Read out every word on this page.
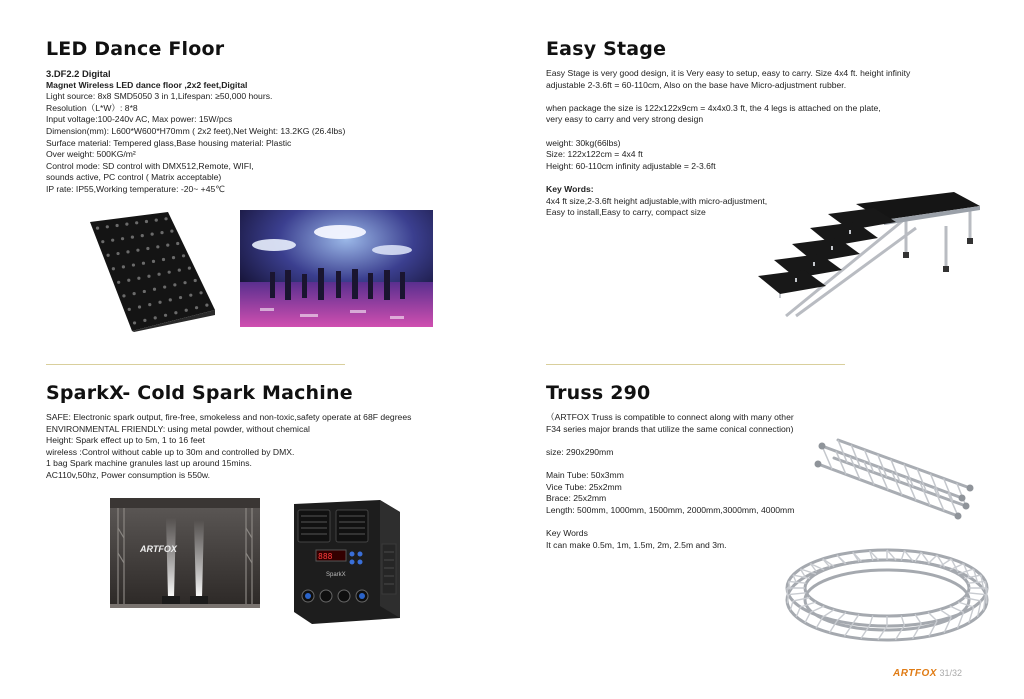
LED Dance Floor
3.DF2.2 Digital
Magnet Wireless LED dance floor ,2x2 feet,Digital
Light source: 8x8 SMD5050 3 in 1,Lifespan: ≥50,000 hours.
Resolution（L*W）: 8*8
Input voltage:100-240v AC, Max power: 15W/pcs
Dimension(mm): L600*W600*H70mm ( 2x2 feet),Net Weight: 13.2KG (26.4lbs)
Surface material: Tempered glass,Base housing material: Plastic
Over weight: 500KG/m²
Control mode: SD control with DMX512,Remote, WIFI,
sounds active, PC control ( Matrix acceptable)
IP rate: IP55,Working temperature: -20~ +45℃
Easy Stage
Easy Stage is very good design, it is Very easy to setup, easy to carry. Size 4x4 ft. height infinity
adjustable 2-3.6ft = 60-110cm, Also on the base have Micro-adjustment rubber.
when package the size is 122x122x9cm = 4x4x0.3 ft, the 4 legs is attached on the plate,
very easy to carry and very strong design
weight: 30kg(66lbs)
Size: 122x122cm = 4x4 ft
Height: 60-110cm infinity adjustable = 2-3.6ft
Key Words:
4x4 ft size,2-3.6ft height adjustable,with micro-adjustment,
Easy to install,Easy to carry, compact size
SparkX- Cold Spark Machine
SAFE: Electronic spark output, fire-free, smokeless and non-toxic,safety operate at 68F degrees
ENVIRONMENTAL FRIENDLY: using metal powder, without chemical
Height: Spark effect up to 5m, 1 to 16 feet
wireless :Control without cable up to 30m and controlled by DMX.
1 bag Spark machine granules last up around 15mins.
AC110v,50hz, Power consumption is 550w.
ARTFOX
888
SparkX
Truss 290
（ARTFOX Truss is compatible to connect along with many other
F34 series major brands that utilize the same conical connection)
size: 290x290mm
Main Tube: 50x3mm
Vice Tube: 25x2mm
Brace: 25x2mm
Length: 500mm, 1000mm, 1500mm, 2000mm,3000mm, 4000mm
Key Words
It can make 0.5m, 1m, 1.5m, 2m, 2.5m and 3m.
ARTFOX 31/32
